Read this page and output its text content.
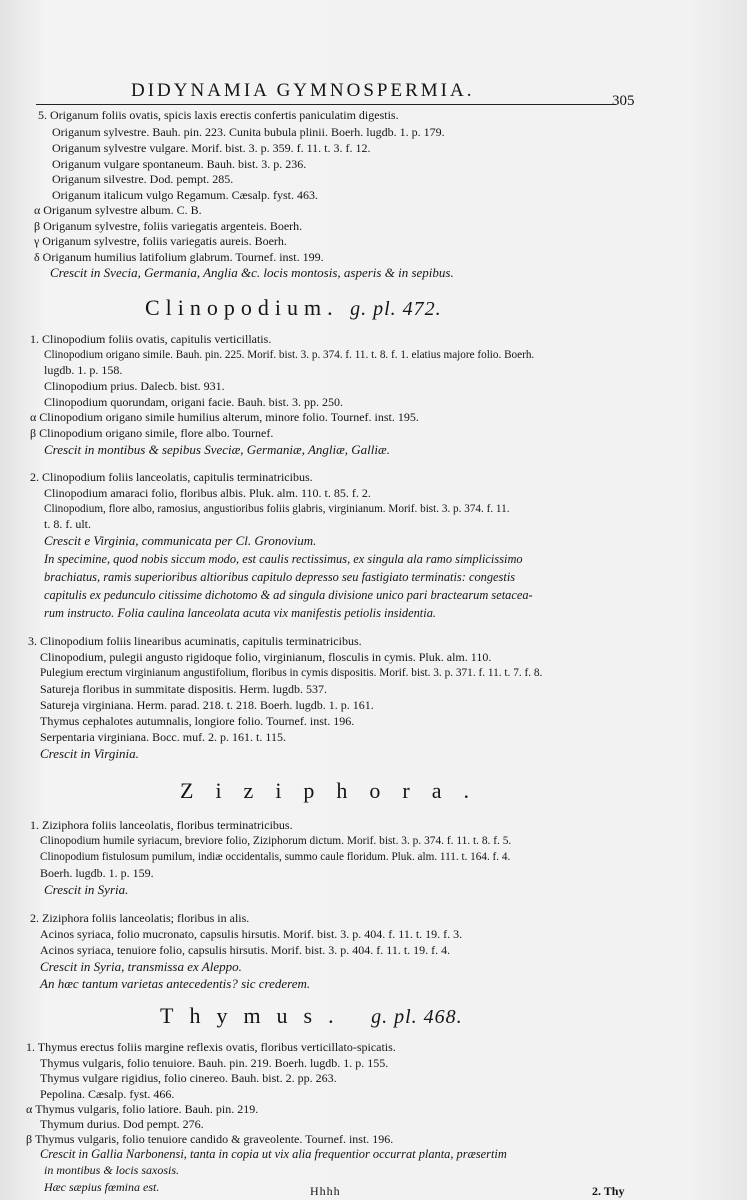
DIDYNAMIA GYMNOSPERMIA.	305
5. Origanum foliis ovatis, spicis laxis erectis confertis paniculatim digestis.
Origanum sylvestre. Bauh. pin. 223. Cunita bubula plinii. Boerh. lugdb. 1. p. 179.
Origanum sylvestre vulgare. Morif. bist. 3. p. 359. f. 11. t. 3. f. 12.
Origanum vulgare spontaneum. Bauh. bist. 3. p. 236.
Origanum silvestre. Dod. pempt. 285.
Origanum italicum vulgo Regamum. Cæsalp. fyst. 463.
α Origanum sylvestre album. C. B.
β Origanum sylvestre, foliis variegatis argenteis. Boerh.
γ Origanum sylvestre, foliis variegatis aureis. Boerh.
δ Origanum humilius latifolium glabrum. Tournef. inst. 199.
Crescit in Svecia, Germania, Anglia &c. locis montosis, asperis & in sepibus.
Clinopodium. g. pl. 472.
1. Clinopodium foliis ovatis, capitulis verticillatis.
Clinopodium origano simile. Bauh. pin. 225. Morif. bist. 3. p. 374. f. 11. t. 8. f. 1. elatius majore folio. Boerh.
lugdb. 1. p. 158.
Clinopodium prius. Dalecb. bist. 931.
Clinopodium quorundam, origani facie. Bauh. bist. 3. pp. 250.
α Clinopodium origano simile humilius alterum, minore folio. Tournef. inst. 195.
β Clinopodium origano simile, flore albo. Tournef.
Crescit in montibus & sepibus Sveciæ, Germaniæ, Angliæ, Galliæ.
2. Clinopodium foliis lanceolatis, capitulis terminatricibus.
Clinopodium amaraci folio, floribus albis. Pluk. alm. 110. t. 85. f. 2.
Clinopodium, flore albo, ramosius, angustioribus foliis glabris, virginianum. Morif. bist. 3. p. 374. f. 11.
t. 8. f. ult.
Crescit e Virginia, communicata per Cl. Gronovium.
In specimine, quod nobis siccum modo, est caulis rectissimus, ex singula ala ramo simplicissimo
brachiatus, ramis superioribus altioribus capitulo depresso seu fastigiato terminatis: congestis
capitulis ex pedunculo citissime dichotomo & ad singula divisione unico pari bractearum setacea-
rum instructo. Folia caulina lanceolata acuta vix manifestis petiolis insidentia.
3. Clinopodium foliis linearibus acuminatis, capitulis terminatricibus.
Clinopodium, pulegii angusto rigidoque folio, virginianum, flosculis in cymis. Pluk. alm. 110.
Pulegium erectum virginianum angustifolium, floribus in cymis dispositis. Morif. bist. 3. p. 371. f. 11. t. 7. f. 8.
Satureja floribus in summitate dispositis. Herm. lugdb. 537.
Satureja virginiana. Herm. parad. 218. t. 218. Boerh. lugdb. 1. p. 161.
Thymus cephalotes autumnalis, longiore folio. Tournef. inst. 196.
Serpentaria virginiana. Bocc. muf. 2. p. 161. t. 115.
Crescit in Virginia.
Ziziphora.
1. Ziziphora foliis lanceolatis, floribus terminatricibus.
Clinopodium humile syriacum, breviore folio, Ziziphorum dictum. Morif. bist. 3. p. 374. f. 11. t. 8. f. 5.
Clinopodium fistulosum pumilum, indiæ occidentalis, summo caule floridum. Pluk. alm. 111. t. 164. f. 4.
Boerh. lugdb. 1. p. 159.
Crescit in Syria.
2. Ziziphora foliis lanceolatis; floribus in alis.
Acinos syriaca, folio mucronato, capsulis hirsutis. Morif. bist. 3. p. 404. f. 11. t. 19. f. 3.
Acinos syriaca, tenuiore folio, capsulis hirsutis. Morif. bist. 3. p. 404. f. 11. t. 19. f. 4.
Crescit in Syria, transmissa ex Aleppo.
An hæc tantum varietas antecedentis? sic crederem.
Thymus. g. pl. 468.
1. Thymus erectus foliis margine reflexis ovatis, floribus verticillato-spicatis.
Thymus vulgaris, folio tenuiore. Bauh. pin. 219. Boerh. lugdb. 1. p. 155.
Thymus vulgare rigidius, folio cinereo. Bauh. bist. 2. pp. 263.
Pepolina. Cæsalp. fyst. 466.
α Thymus vulgaris, folio latiore. Bauh. pin. 219.
Thymum durius. Dod pempt. 276.
β Thymus vulgaris, folio tenuiore candido & graveolente. Tournef. inst. 196.
Crescit in Gallia Narbonensi, tanta in copia ut vix alia frequentior occurrat planta, præsertim
in montibus & locis saxosis.
Hæc sæpius fœmina est.	Hhhh	2. Thy
